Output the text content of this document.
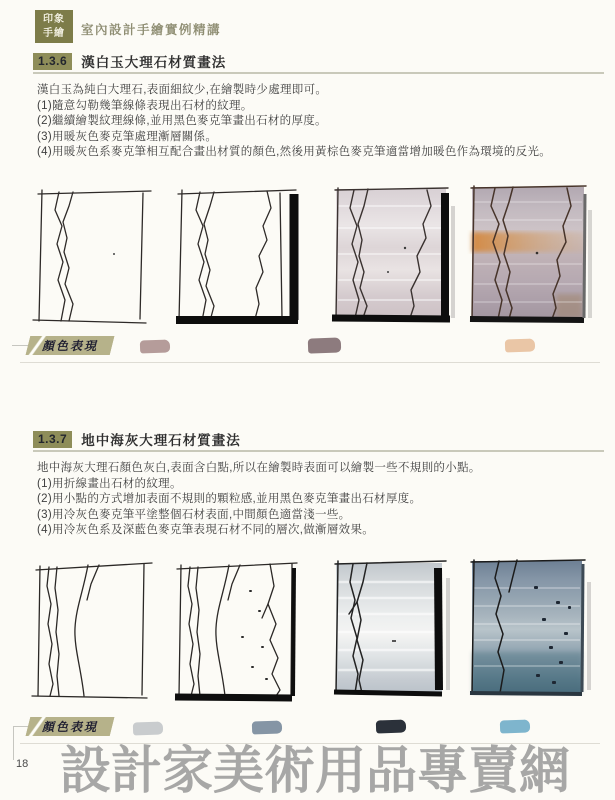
印象
手繪 室內設計手繪實例精講
1.3.6	漢白玉大理石材質畫法
漢白玉為純白大理石,表面細紋少,在繪製時少處理即可。
(1)隨意勾勒幾筆線條表現出石材的紋理。
(2)繼續繪製紋理線條,並用黑色麥克筆畫出石材的厚度。
(3)用暖灰色麥克筆處理漸層關係。
(4)用暖灰色系麥克筆相互配合畫出材質的顏色,然後用黃棕色麥克筆適當增加暖色作為環境的反光。
顏色表現
1.3.7	地中海灰大理石材質畫法
地中海灰大理石顏色灰白,表面含白點,所以在繪製時表面可以繪製一些不規則的小點。
(1)用折線畫出石材的紋理。
(2)用小點的方式增加表面不規則的顆粒感,並用黑色麥克筆畫出石材厚度。
(3)用冷灰色麥克筆平塗整個石材表面,中間顏色適當淺一些。
(4)用冷灰色系及深藍色麥克筆表現石材不同的層次,做漸層效果。
顏色表現
18 設計家美術用品專賣網
